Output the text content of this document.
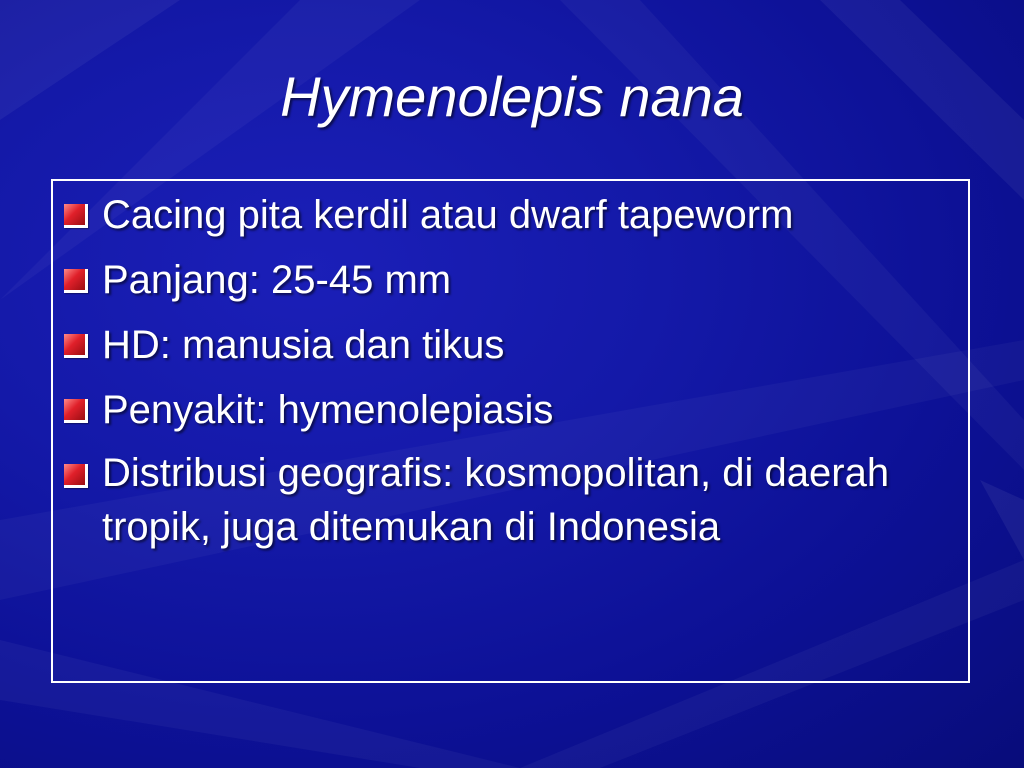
Hymenolepis nana
Cacing pita kerdil atau dwarf tapeworm
Panjang: 25-45 mm
HD: manusia dan tikus
Penyakit: hymenolepiasis
Distribusi geografis: kosmopolitan, di daerah tropik, juga ditemukan di Indonesia
